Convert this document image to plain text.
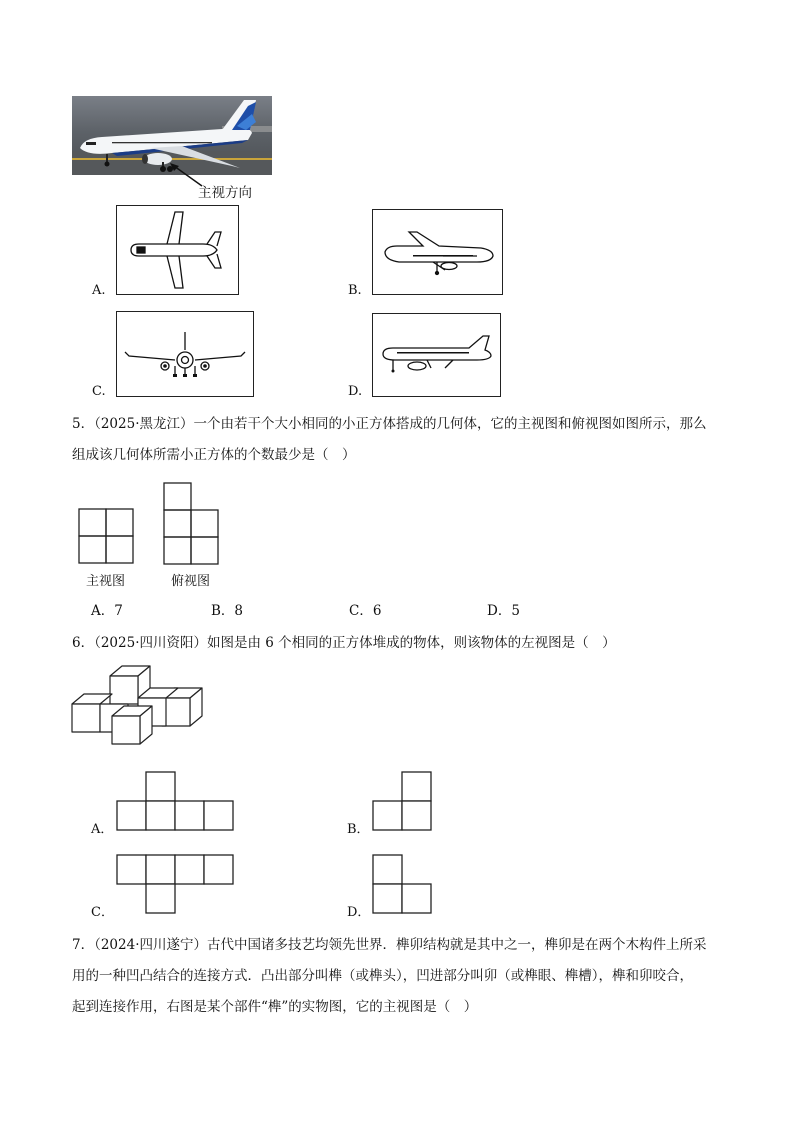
主视方向
A.	B.
C.	D.
5．（2025·黑龙江）一个由若干个大小相同的小正方体搭成的几何体，它的主视图和俯视图如图所示，那么
组成该几何体所需小正方体的个数最少是（　）
主视图	俯视图
A．7	B．8	C．6	D．5
6．（2025·四川资阳）如图是由 6 个相同的正方体堆成的物体，则该物体的左视图是（　）
A．	B．
C．	D．
7．（2024·四川遂宁）古代中国诸多技艺均领先世界．榫卯结构就是其中之一，榫卯是在两个木构件上所采
用的一种凹凸结合的连接方式．凸出部分叫榫（或榫头），凹进部分叫卯（或榫眼、榫槽），榫和卯咬合，
起到连接作用，右图是某个部件“榫”的实物图，它的主视图是（　）
